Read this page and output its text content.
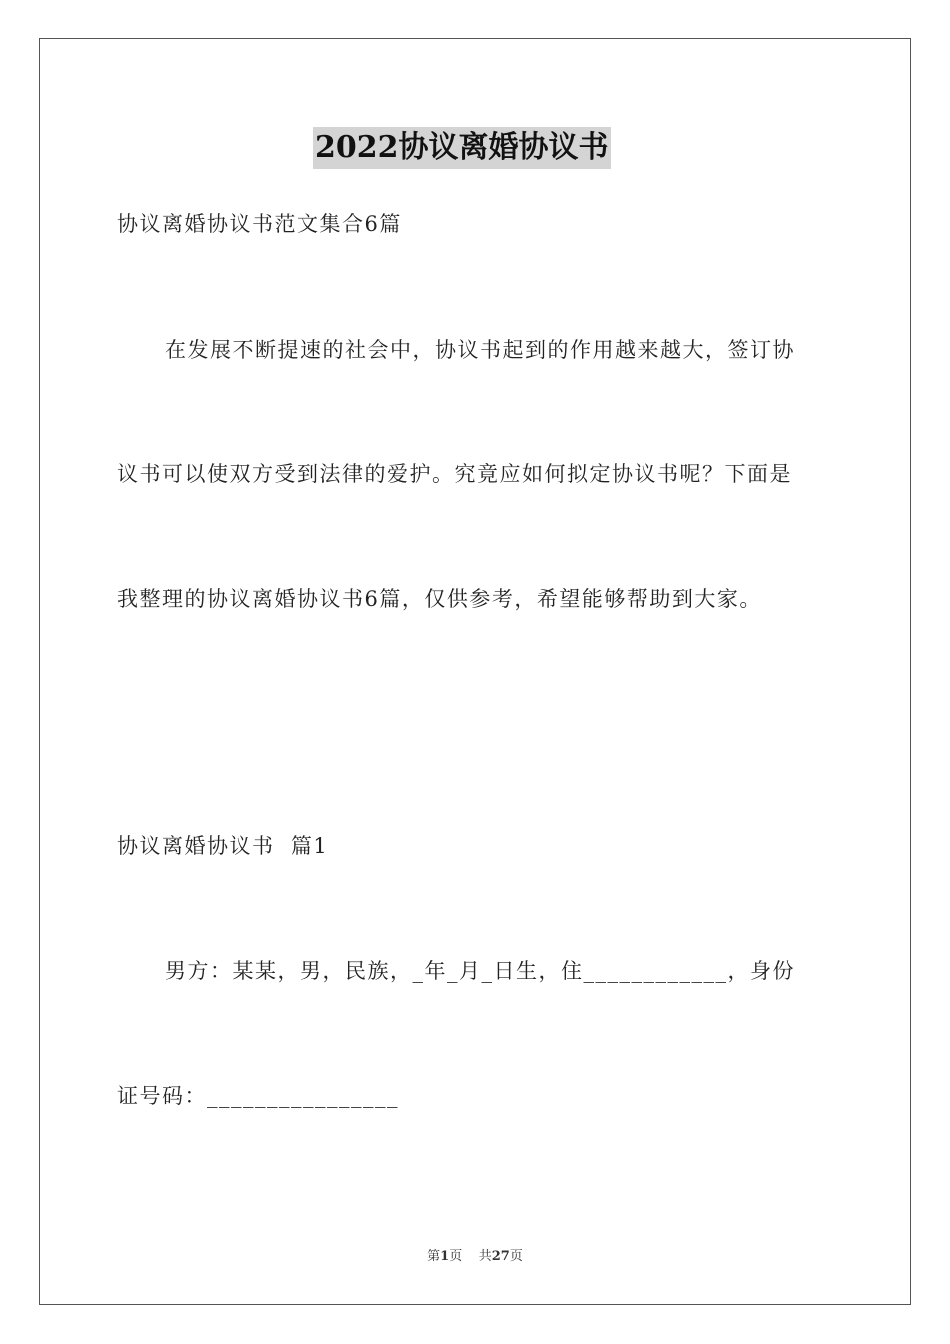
2022协议离婚协议书
协议离婚协议书范文集合6篇
在发展不断提速的社会中，协议书起到的作用越来越大，签订协
议书可以使双方受到法律的爱护。究竟应如何拟定协议书呢？下面是
我整理的协议离婚协议书6篇，仅供参考，希望能够帮助到大家。
协议离婚协议书  篇1
男方：某某，男，民族，_年_月_日生，住____________，身份
证号码：________________
第1页 共27页
